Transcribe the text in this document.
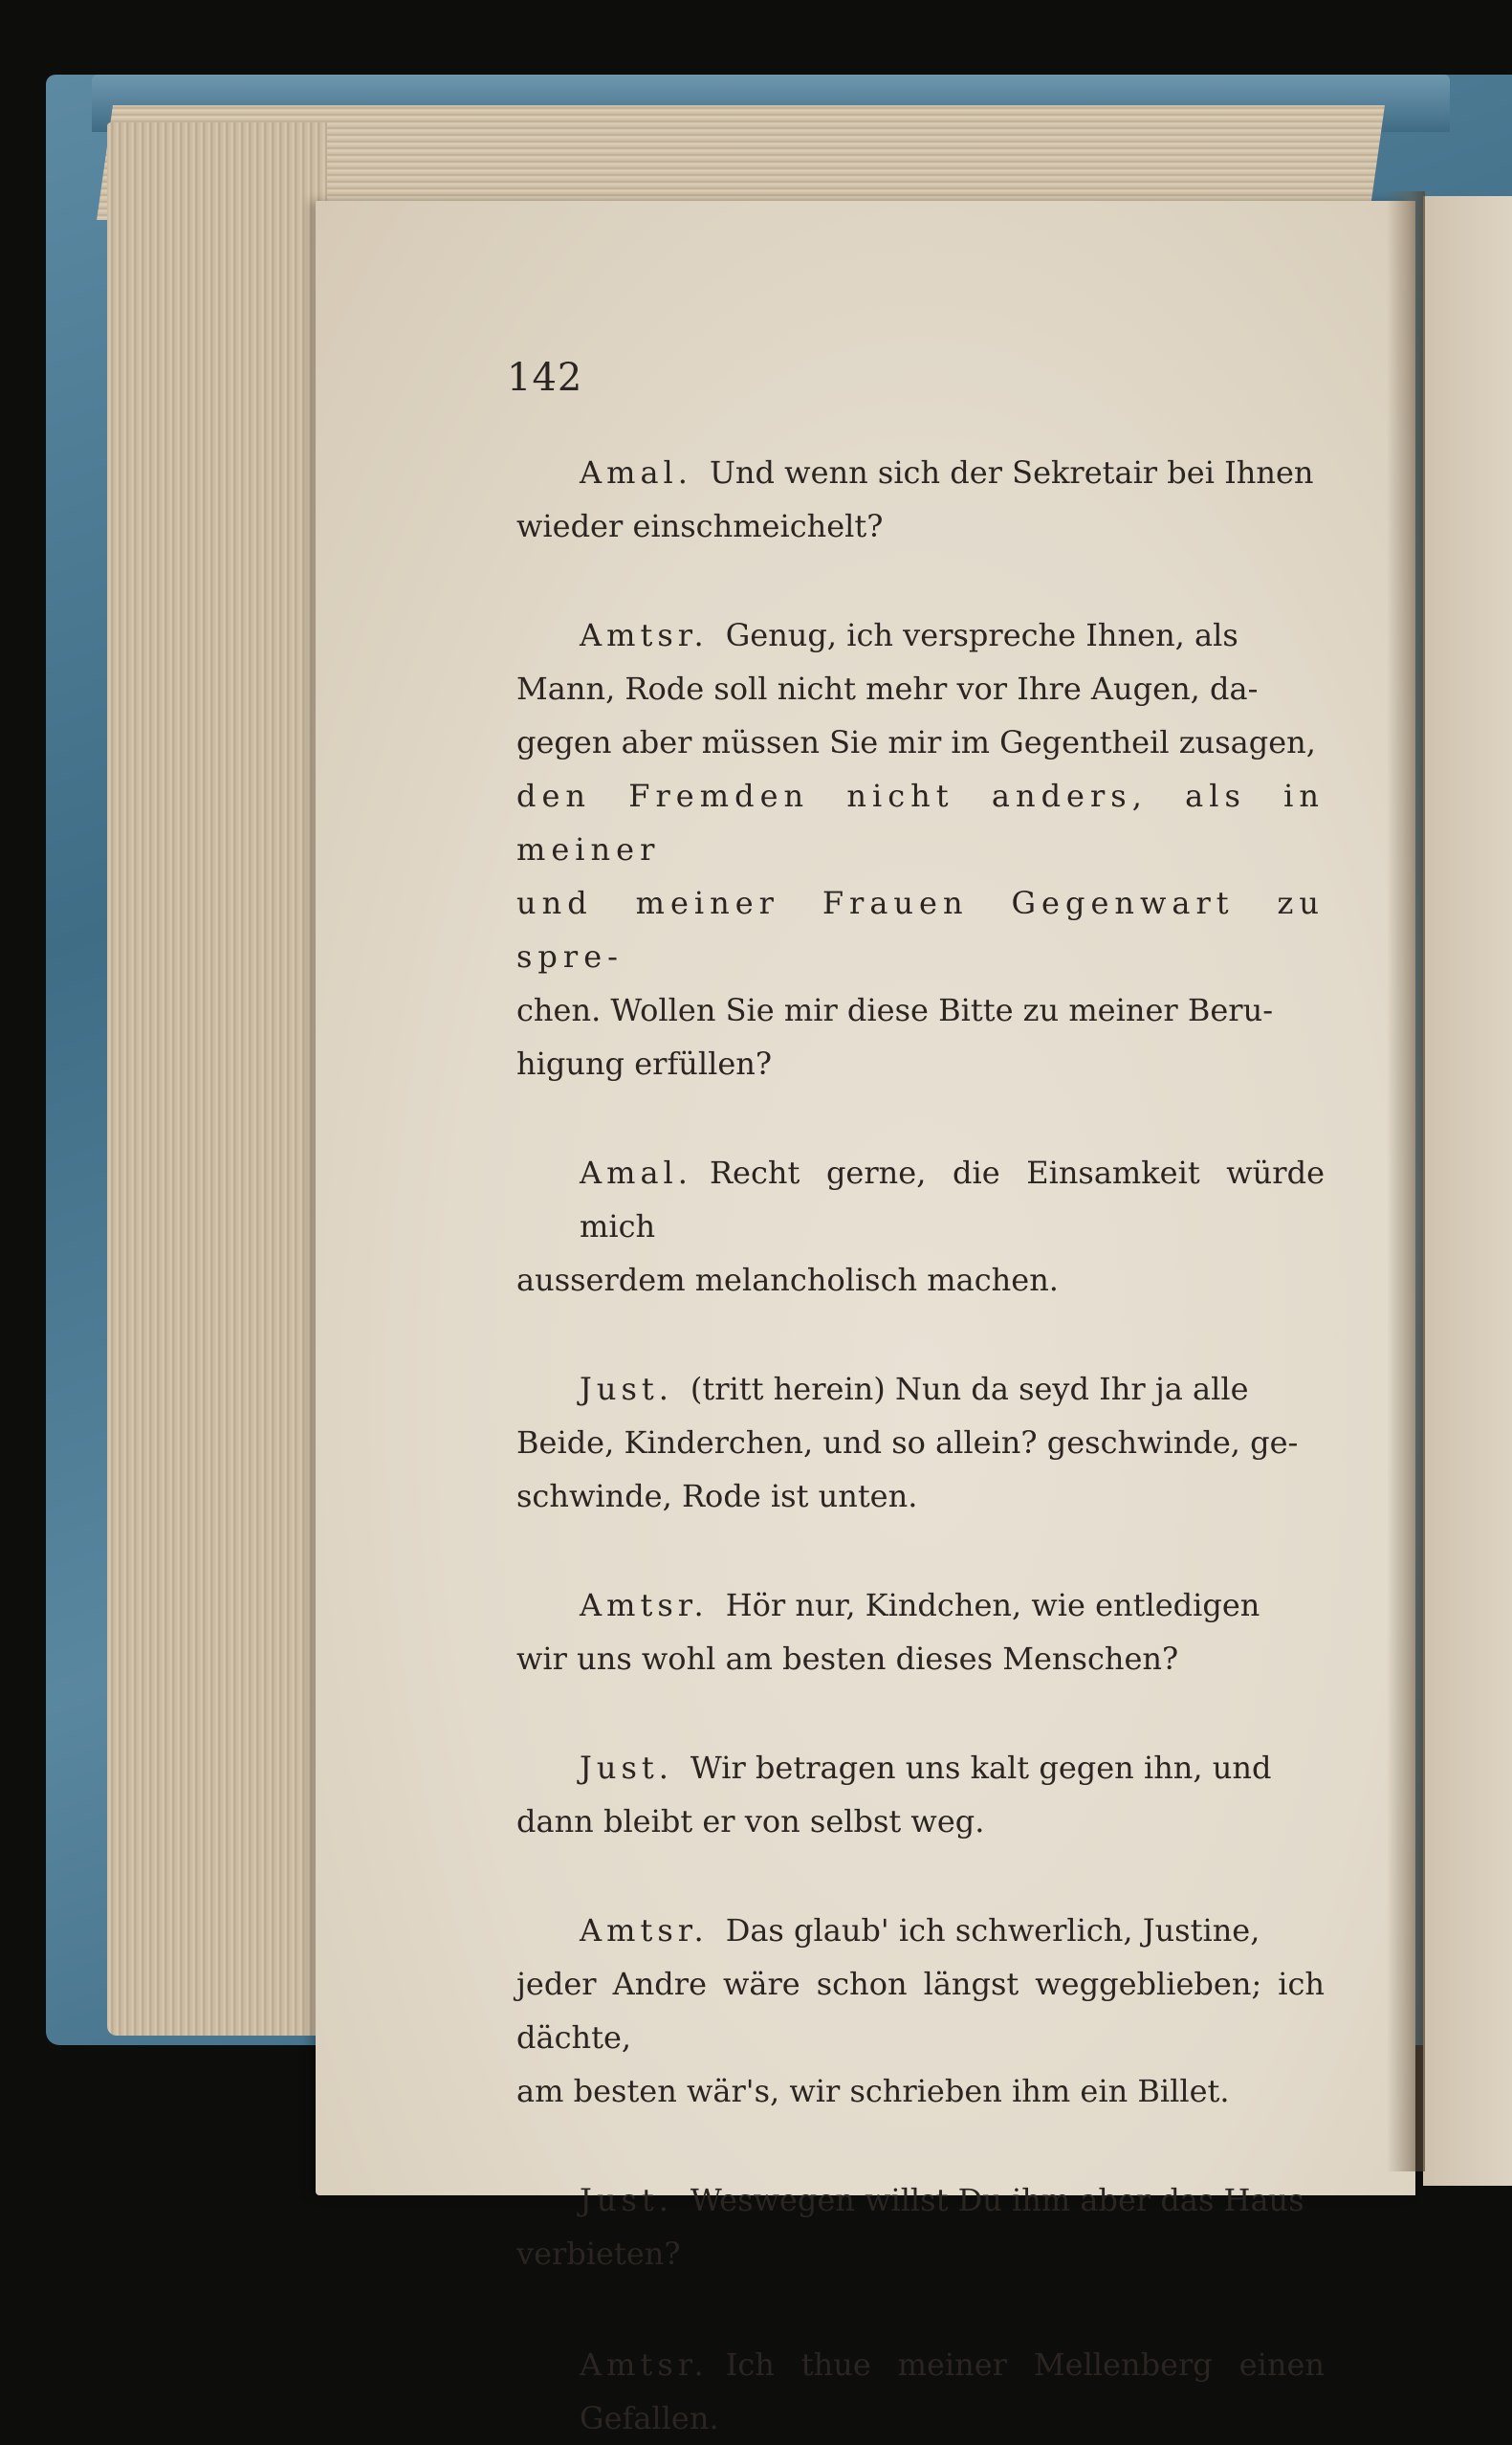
142

Amal. Und wenn sich der Sekretair bei Ihnen

wieder einschmeichelt?

Amtsr. Genug, ich verspreche Ihnen, als

Mann, Rode soll nicht mehr vor Ihre Augen, da-
gegen aber müssen Sie mir im Gegentheil zusagen,
den Fremden nicht anders, als in meiner
und meiner Frauen Gegenwart zu spre-
chen. Wollen Sie mir diese Bitte zu meiner Beru-
higung erfüllen?

Amal. Recht gerne, die Einsamkeit würde mich

ausserdem melancholisch machen.

Just. (tritt herein) Nun da seyd Ihr ja alle

Beide, Kinderchen, und so allein? geschwinde, ge-
schwinde, Rode ist unten.

Amtsr. Hör nur, Kindchen, wie entledigen

wir uns wohl am besten dieses Menschen?

Just. Wir betragen uns kalt gegen ihn, und

dann bleibt er von selbst weg.

Amtsr. Das glaub' ich schwerlich, Justine,

jeder Andre wäre schon längst weggeblieben; ich dächte,
am besten wär's, wir schrieben ihm ein Billet.

Just. Weswegen willst Du ihm aber das Haus

verbieten?

Amtsr. Ich thue meiner Mellenberg einen Gefallen.
